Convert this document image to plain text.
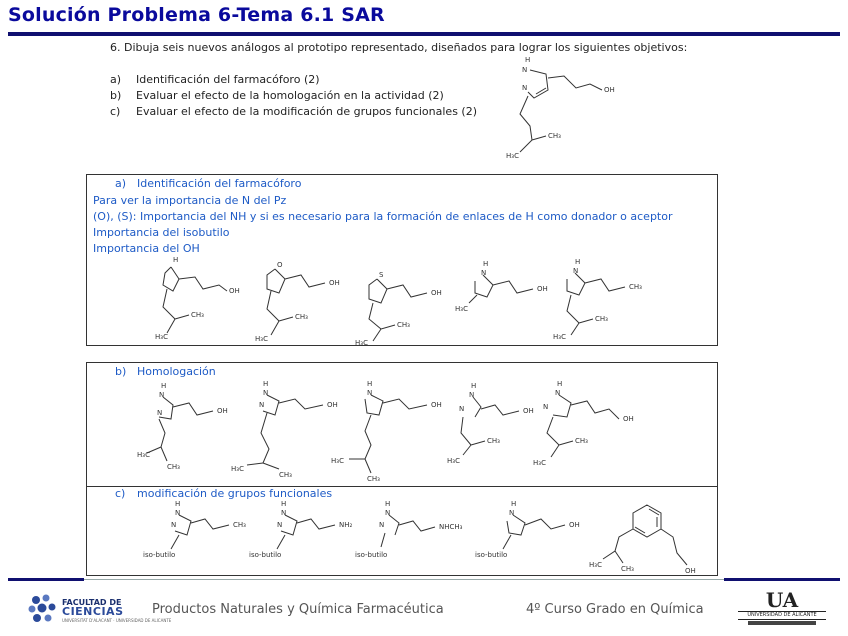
Solución Problema 6-Tema 6.1 SAR
6. Dibuja seis nuevos análogos al prototipo representado, diseñados para lograr los siguientes objetivos:
a)	Identificación del farmacóforo (2)
b)	Evaluar el efecto de la homologación en la actividad (2)
c)	Evaluar el efecto de la modificación de grupos funcionales (2)
H
N
N	OH
CH₃
H₃C
a) Identificación del farmacóforo
Para ver la importancia de N del Pz
(O), (S): Importancia del NH y si es necesario para la formación de enlaces de H como donador o aceptor
Importancia del isobutilo
Importancia del OH
H
OH
CH₃
H₃C
O
OH
CH₃
H₃C
S
OH
CH₃
H₃C
H
N
OH
H₃C
H
N
CH₃
CH₃
H₃C
b) Homologación
H
N
N	OH
H₃C
CH₃
H
N
N	OH
H₃C
CH₃
H
N
OH
H₃C
CH₃
H
N
N	OH
CH₃
H₃C
H
N
N
OH
CH₃
H₃C
c) modificación de grupos funcionales
H
N
N	CH₃
iso-butilo
H
N
N	NH₂
iso-butilo
H
N
N	NHCH₃
iso-butilo
H
N
OH
iso-butilo
OH
H₃C	CH₃
FACULTAD DE
CIENCIAS
UNIVERSITAT D'ALACANT · UNIVERSIDAD DE ALICANTE
Productos Naturales y Química Farmacéutica	4º Curso Grado en Química	UA
UNIVERSIDAD DE ALICANTE
